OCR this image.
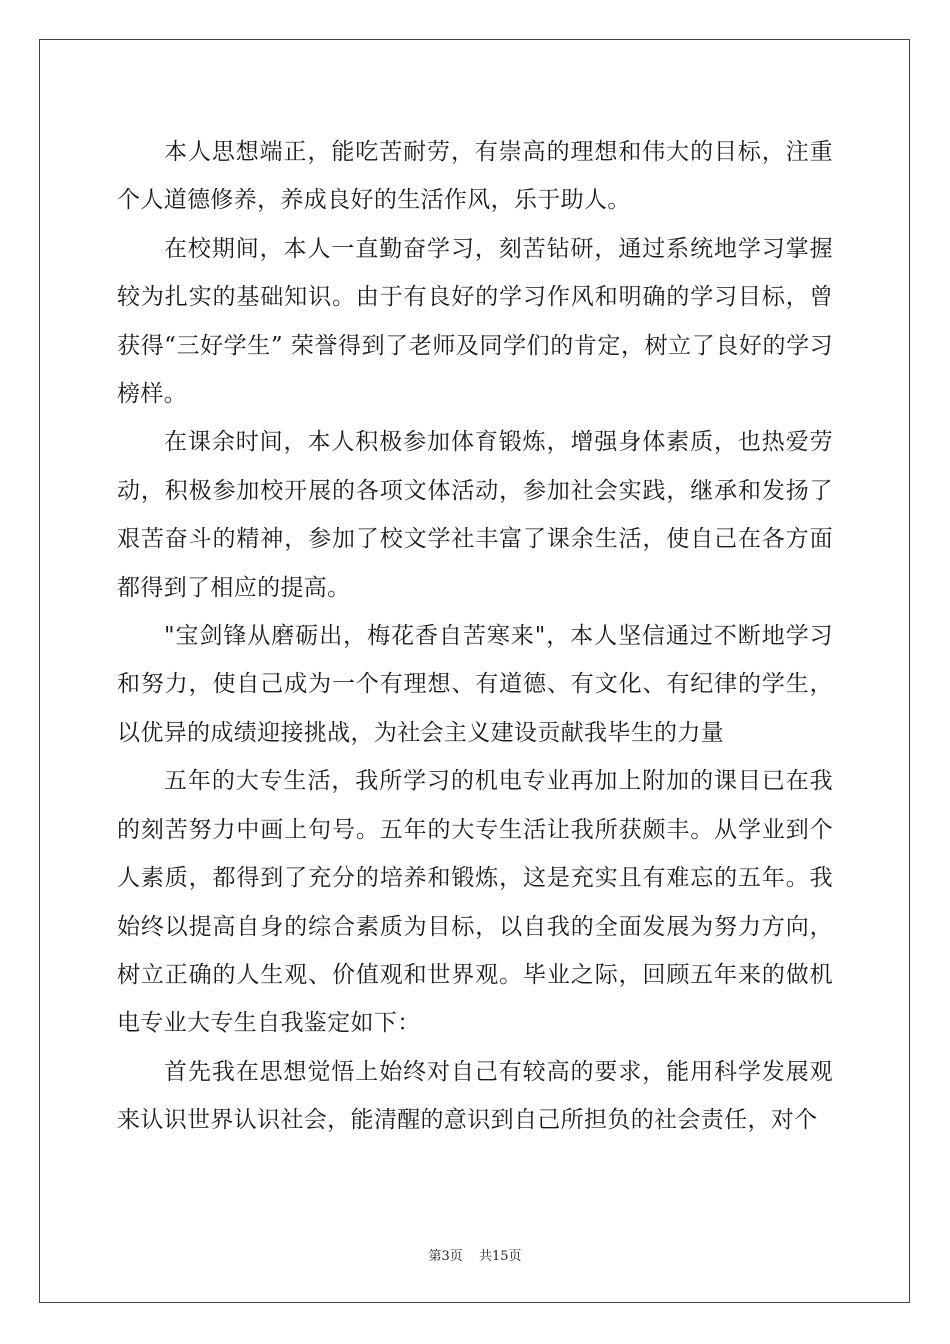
本人思想端正，能吃苦耐劳，有崇高的理想和伟大的目标，注重个人道德修养，养成良好的生活作风，乐于助人。

在校期间，本人一直勤奋学习，刻苦钻研，通过系统地学习掌握较为扎实的基础知识。由于有良好的学习作风和明确的学习目标，曾获得“三好学生” 荣誉得到了老师及同学们的肯定，树立了良好的学习榜样。

在课余时间，本人积极参加体育锻炼，增强身体素质，也热爱劳动，积极参加校开展的各项文体活动，参加社会实践，继承和发扬了艰苦奋斗的精神，参加了校文学社丰富了课余生活，使自己在各方面都得到了相应的提高。

"宝剑锋从磨砺出，梅花香自苦寒来"，本人坚信通过不断地学习和努力，使自己成为一个有理想、有道德、有文化、有纪律的学生，以优异的成绩迎接挑战，为社会主义建设贡献我毕生的力量

五年的大专生活，我所学习的机电专业再加上附加的课目已在我的刻苦努力中画上句号。五年的大专生活让我所获颇丰。从学业到个人素质，都得到了充分的培养和锻炼，这是充实且有难忘的五年。我始终以提高自身的综合素质为目标，以自我的全面发展为努力方向，树立正确的人生观、价值观和世界观。毕业之际，回顾五年来的做机电专业大专生自我鉴定如下：

首先我在思想觉悟上始终对自己有较高的要求，能用科学发展观来认识世界认识社会，能清醒的意识到自己所担负的社会责任，对个

第3页 共15页
